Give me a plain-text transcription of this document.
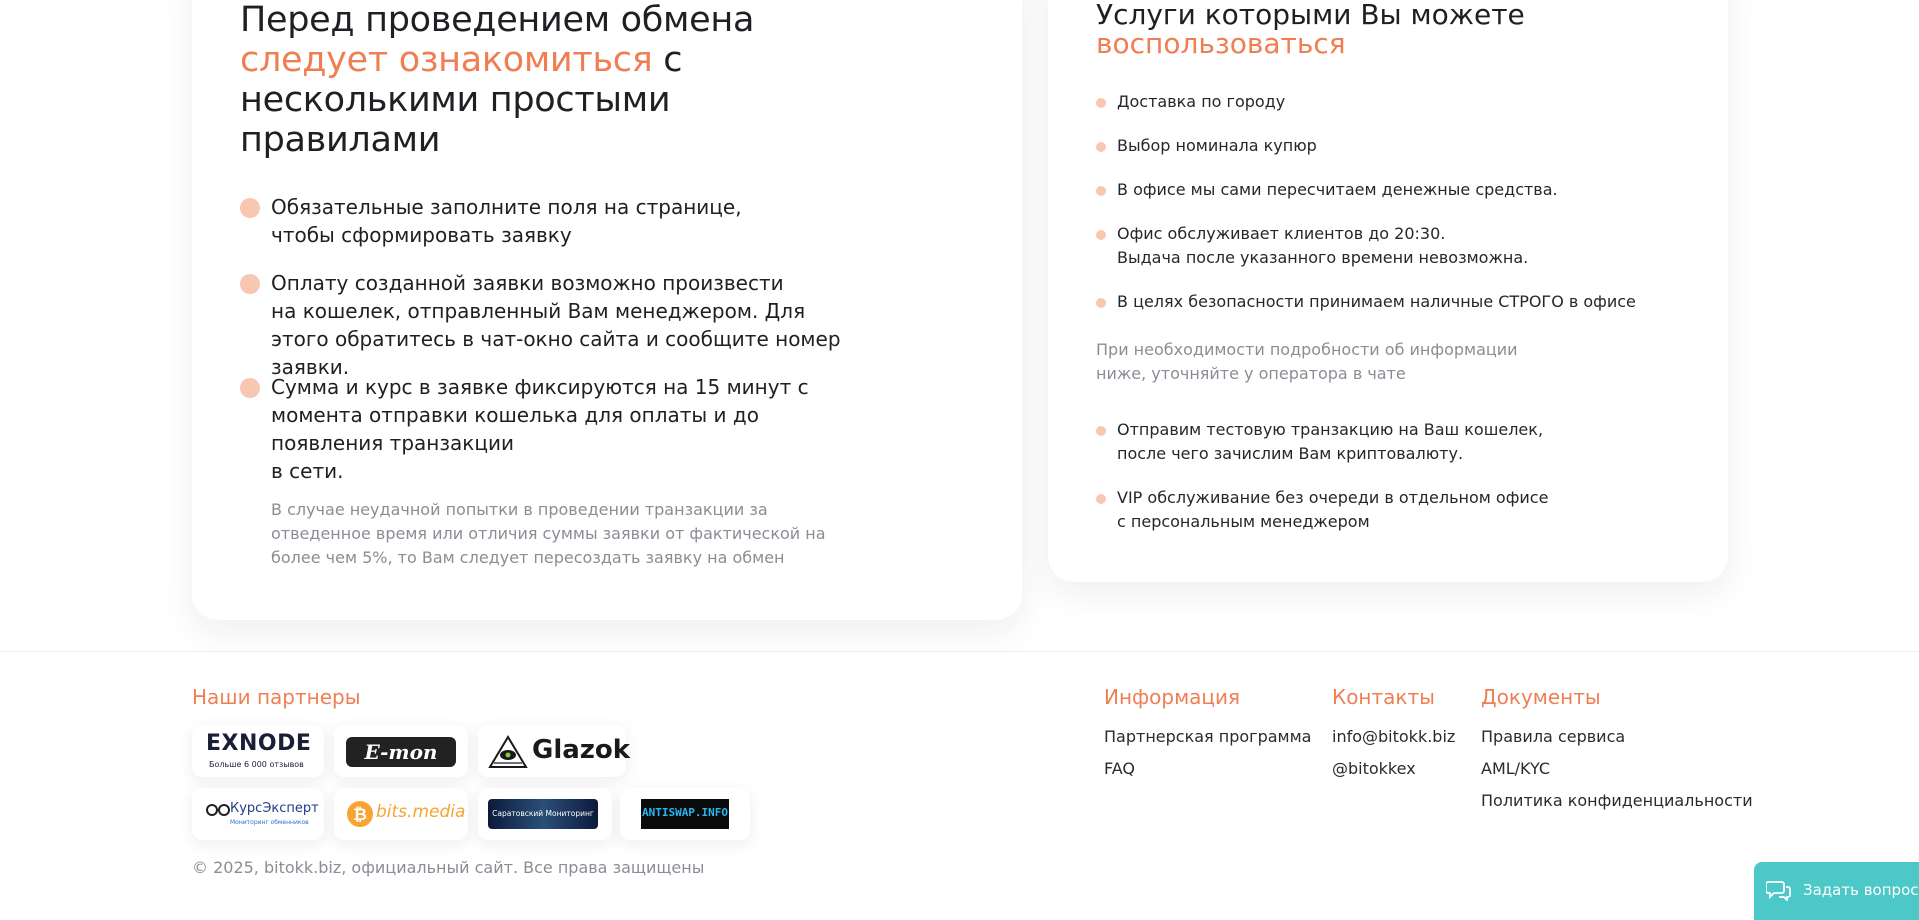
Перед проведением обмена следует ознакомиться с несколькими простыми правилами
Обязательные заполните поля на странице,
чтобы сформировать заявку
Оплату созданной заявки возможно произвести
на кошелек, отправленный Вам менеджером. Для этого обратитесь в чат-окно сайта и сообщите номер заявки.
Сумма и курс в заявке фиксируются на 15 минут с момента отправки кошелька для оплаты и до появления транзакции
в сети.
В случае неудачной попытки в проведении транзакции за отведенное время или отличия суммы заявки от фактической на более чем 5%, то Вам следует пересоздать заявку на обмен
Услуги которыми Вы можете
воспользоваться
Доставка по городу
Выбор номинала купюр
В офисе мы сами пересчитаем денежные средства.
Офис обслуживает клиентов до 20:30.
Выдача после указанного времени невозможна.
В целях безопасности принимаем наличные СТРОГО в офисе
При необходимости подробности об информации
ниже, уточняйте у оператора в чате
Отправим тестовую транзакцию на Ваш кошелек,
после чего зачислим Вам криптовалюту.
VIP обслуживание без очереди в отдельном офисе
с персональным менеджером
Наши партнеры
EXNODE
Больше 6 000 отзывов
E-mon	Glazok
КурсЭксперт
Мониторинг обменников	₿ bits.media	Саратовский Мониторинг	ANTISWAP.INFO
© 2025, bitokk.biz, официальный сайт. Все права защищены
Информация
Партнерская программа
FAQ
Контакты
info@bitokk.biz
@bitokkex
Документы
Правила сервиса
AML/KYC
Политика конфиденциальности
Задать вопрос
